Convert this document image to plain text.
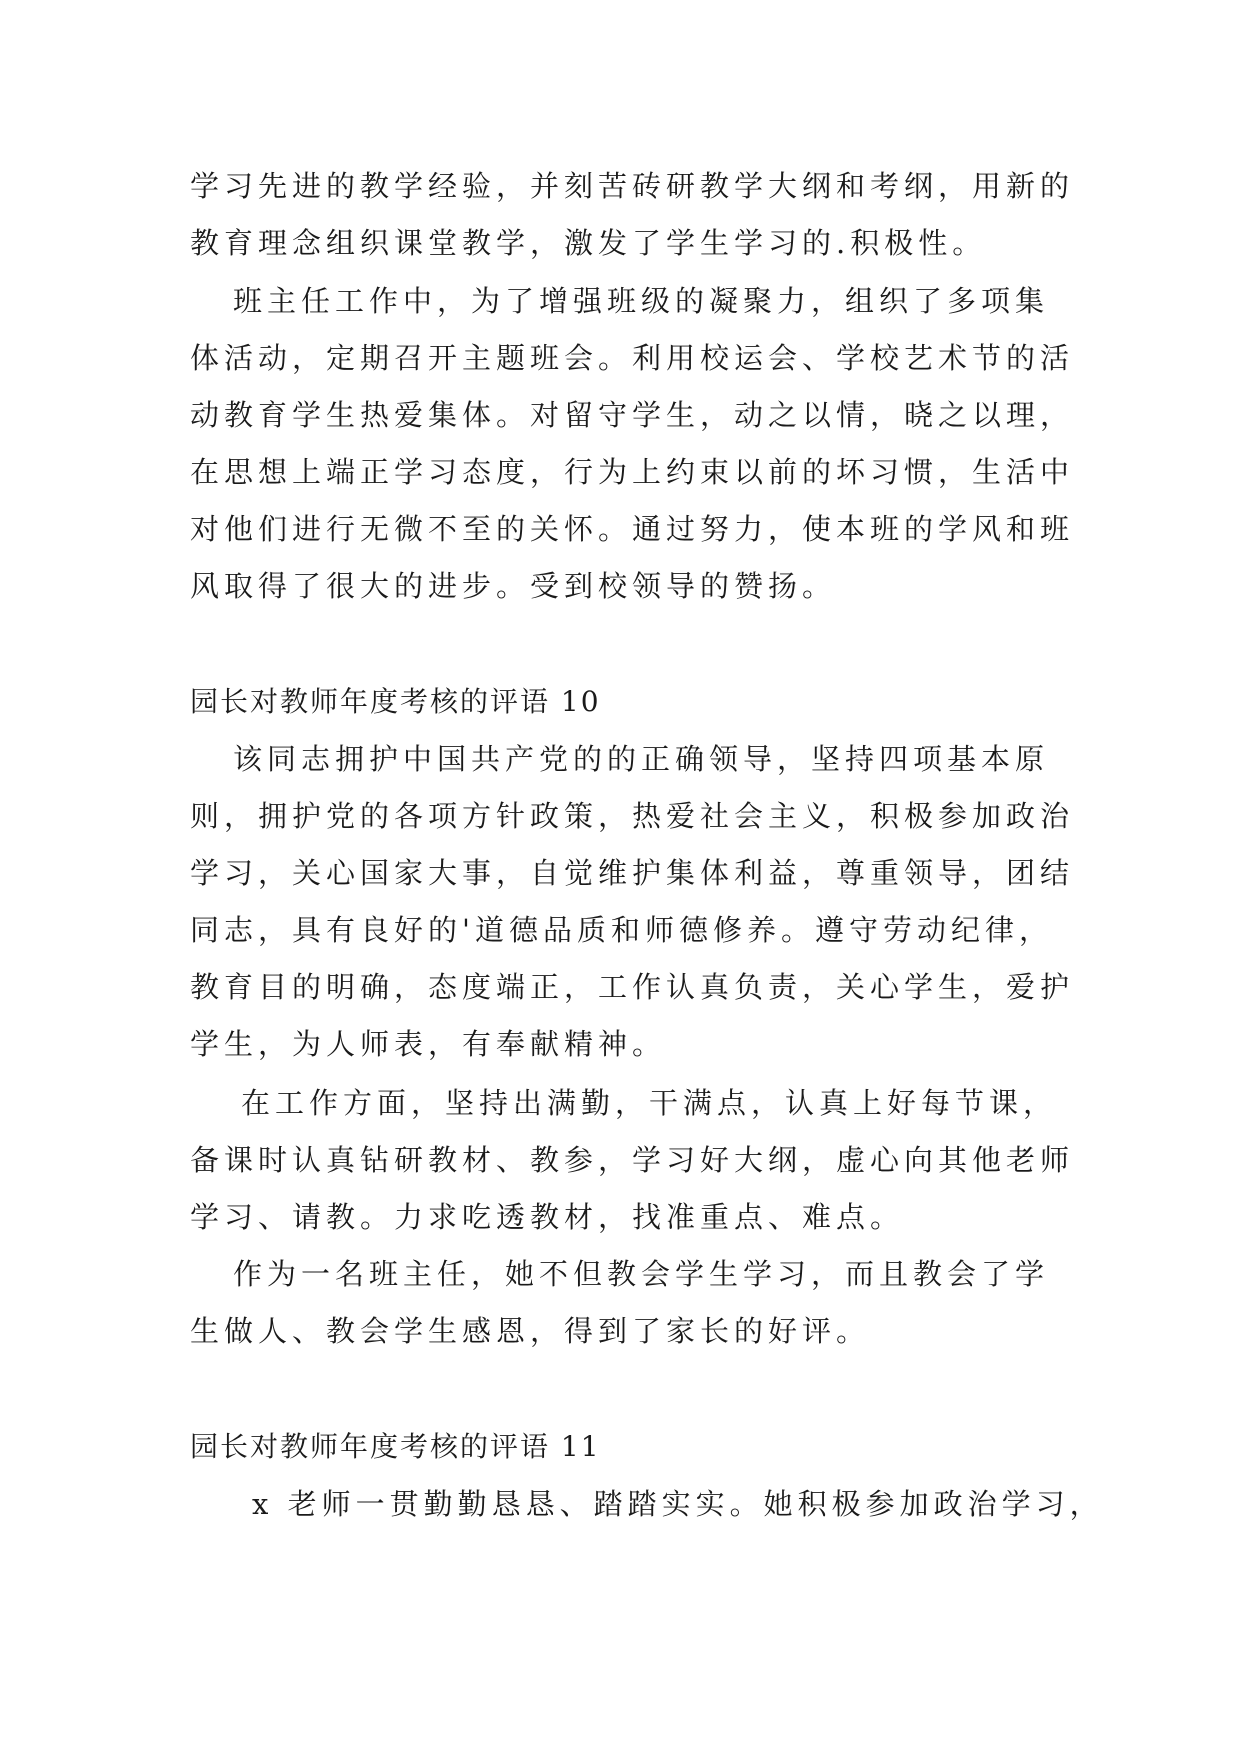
学习先进的教学经验，并刻苦砖研教学大纲和考纲，用新的
教育理念组织课堂教学，激发了学生学习的.积极性。
班主任工作中，为了增强班级的凝聚力，组织了多项集
体活动，定期召开主题班会。利用校运会、学校艺术节的活
动教育学生热爱集体。对留守学生，动之以情，晓之以理，
在思想上端正学习态度，行为上约束以前的坏习惯，生活中
对他们进行无微不至的关怀。通过努力，使本班的学风和班
风取得了很大的进步。受到校领导的赞扬。
园长对教师年度考核的评语 10
该同志拥护中国共产党的的正确领导，坚持四项基本原
则，拥护党的各项方针政策，热爱社会主义，积极参加政治
学习，关心国家大事，自觉维护集体利益，尊重领导，团结
同志，具有良好的'道德品质和师德修养。遵守劳动纪律，
教育目的明确，态度端正，工作认真负责，关心学生，爱护
学生，为人师表，有奉献精神。
在工作方面，坚持出满勤，干满点，认真上好每节课，
备课时认真钻研教材、教参，学习好大纲，虚心向其他老师
学习、请教。力求吃透教材，找准重点、难点。
作为一名班主任，她不但教会学生学习，而且教会了学
生做人、教会学生感恩，得到了家长的好评。
园长对教师年度考核的评语 11
x 老师一贯勤勤恳恳、踏踏实实。她积极参加政治学习，
